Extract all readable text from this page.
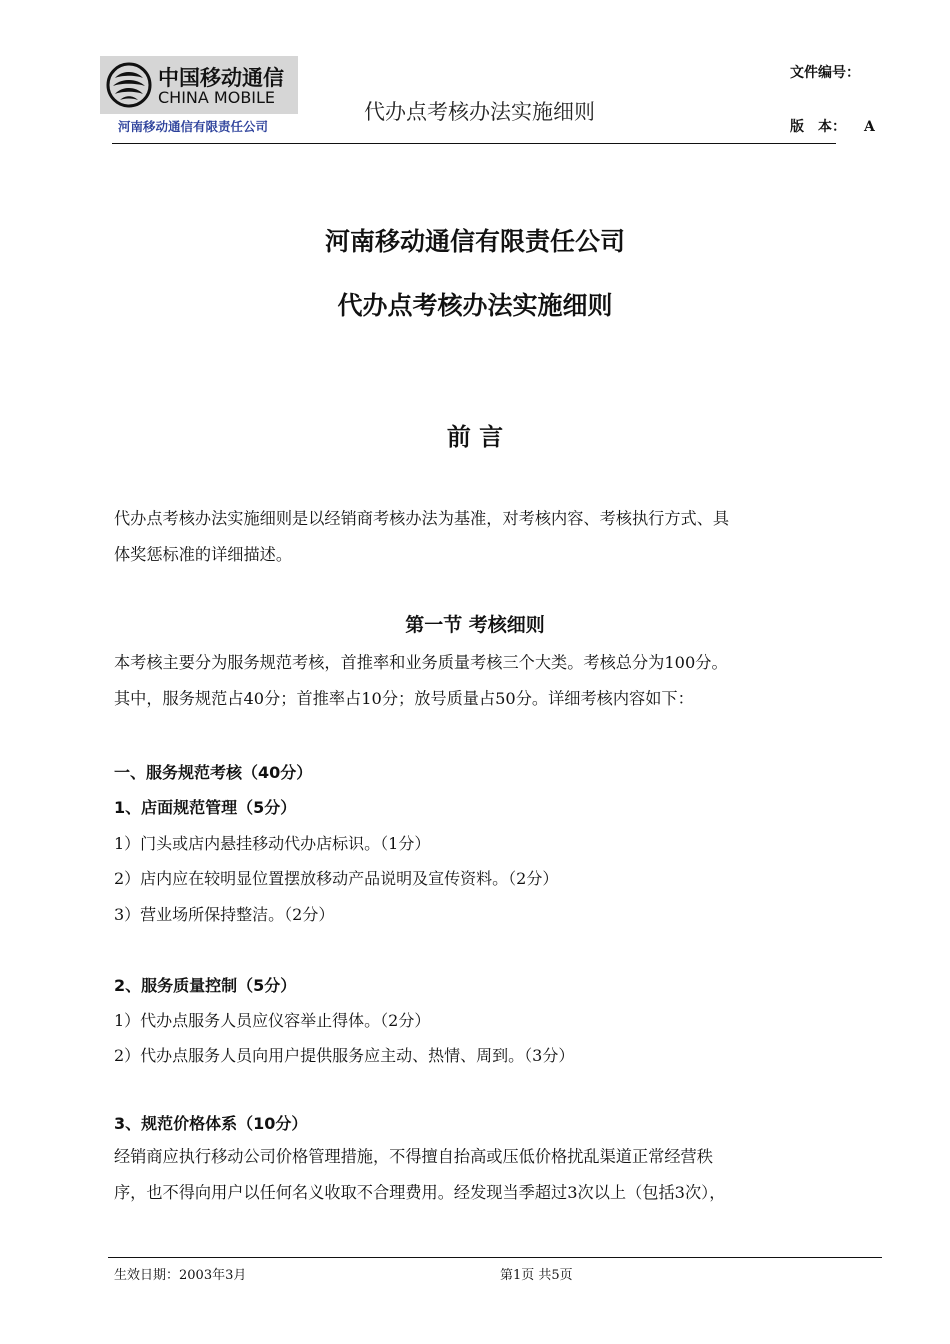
中国移动通信
CHINA MOBILE
河南移动通信有限责任公司
代办点考核办法实施细则
文件编号：
版　本： A
河南移动通信有限责任公司
代办点考核办法实施细则
前 言
代办点考核办法实施细则是以经销商考核办法为基准，对考核内容、考核执行方式、具
体奖惩标准的详细描述。
第一节 考核细则
本考核主要分为服务规范考核，首推率和业务质量考核三个大类。考核总分为100分。
其中，服务规范占40分；首推率占10分；放号质量占50分。详细考核内容如下：
一、服务规范考核（40分）
1、店面规范管理（5分）
1）门头或店内悬挂移动代办店标识。（1分）
2）店内应在较明显位置摆放移动产品说明及宣传资料。（2分）
3）营业场所保持整洁。（2分）
2、服务质量控制（5分）
1）代办点服务人员应仪容举止得体。（2分）
2）代办点服务人员向用户提供服务应主动、热情、周到。（3分）
3、规范价格体系（10分）
经销商应执行移动公司价格管理措施，不得擅自抬高或压低价格扰乱渠道正常经营秩
序，也不得向用户以任何名义收取不合理费用。经发现当季超过3次以上（包括3次），
生效日期：2003年3月	第1页 共5页
